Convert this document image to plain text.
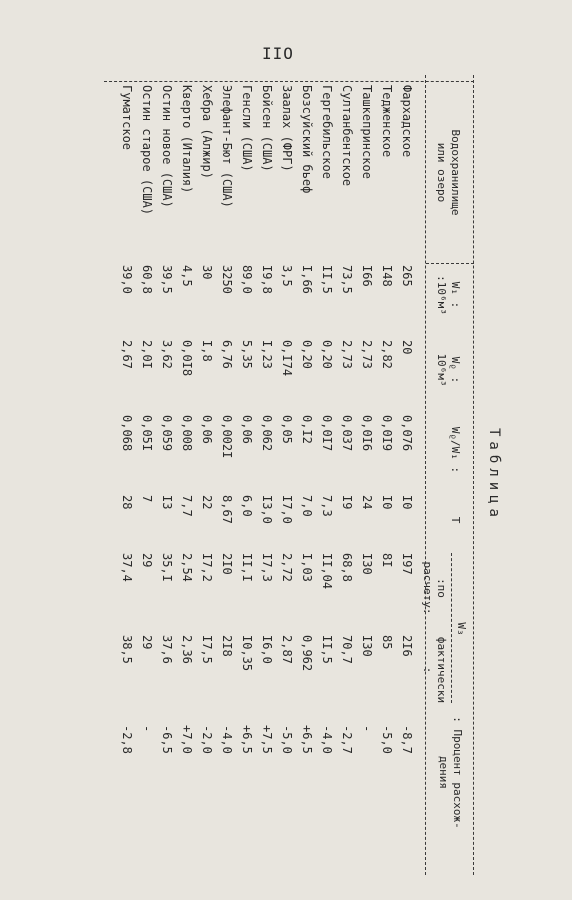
IIO
Таблица
Водохранилище
или озеро
W₁ :
:10⁶м³
Wᵨ :
10⁶м³
Wᵨ/W₁ :
T
W₃
:по расчету:
фактически :
: Процент расхож-
дения
Фархадское
265
20
0,076
I0
I97
2I6
-8,7
Тедженское
I48
2,82
0,0I9
I0
8I
85
-5,0
Ташкепринское
I66
2,73
0,0I6
24
I30
I30
-
Султанбентское
73,5
2,73
0,037
I9
68,8
70,7
-2,7
Гергебильское
II,5
0,20
0,0I7
7,3
II,04
II,5
-4,0
Бозсуйский бьеф
I,66
0,20
0,I2
7,0
I,03
0,962
+6,5
Заалах (ФРГ)
3,5
0,I74
0,05
I7,0
2,72
2,87
-5,0
Бойсен (США)
I9,8
I,23
0,062
I3,0
I7,3
I6,0
+7,5
Генсли (США)
89,0
5,35
0,06
6,0
II,I
I0,35
+6,5
Элефант-Бют (США)
3250
6,76
0,002I
8,67
2I0
2I8
-4,0
Хебра (Алжир)
30
I,8
0,06
22
I7,2
I7,5
-2,0
Кверто (Италия)
4,5
0,0I8
0,008
7,7
2,54
2,36
+7,0
Остин новое (США)
39,5
3,62
0,059
I3
35,I
37,6
-6,5
Остин старое (США)
60,8
2,0I
0,05I
7
29
29
-
Гуматское
39,0
2,67
0,068
28
37,4
38,5
-2,8
